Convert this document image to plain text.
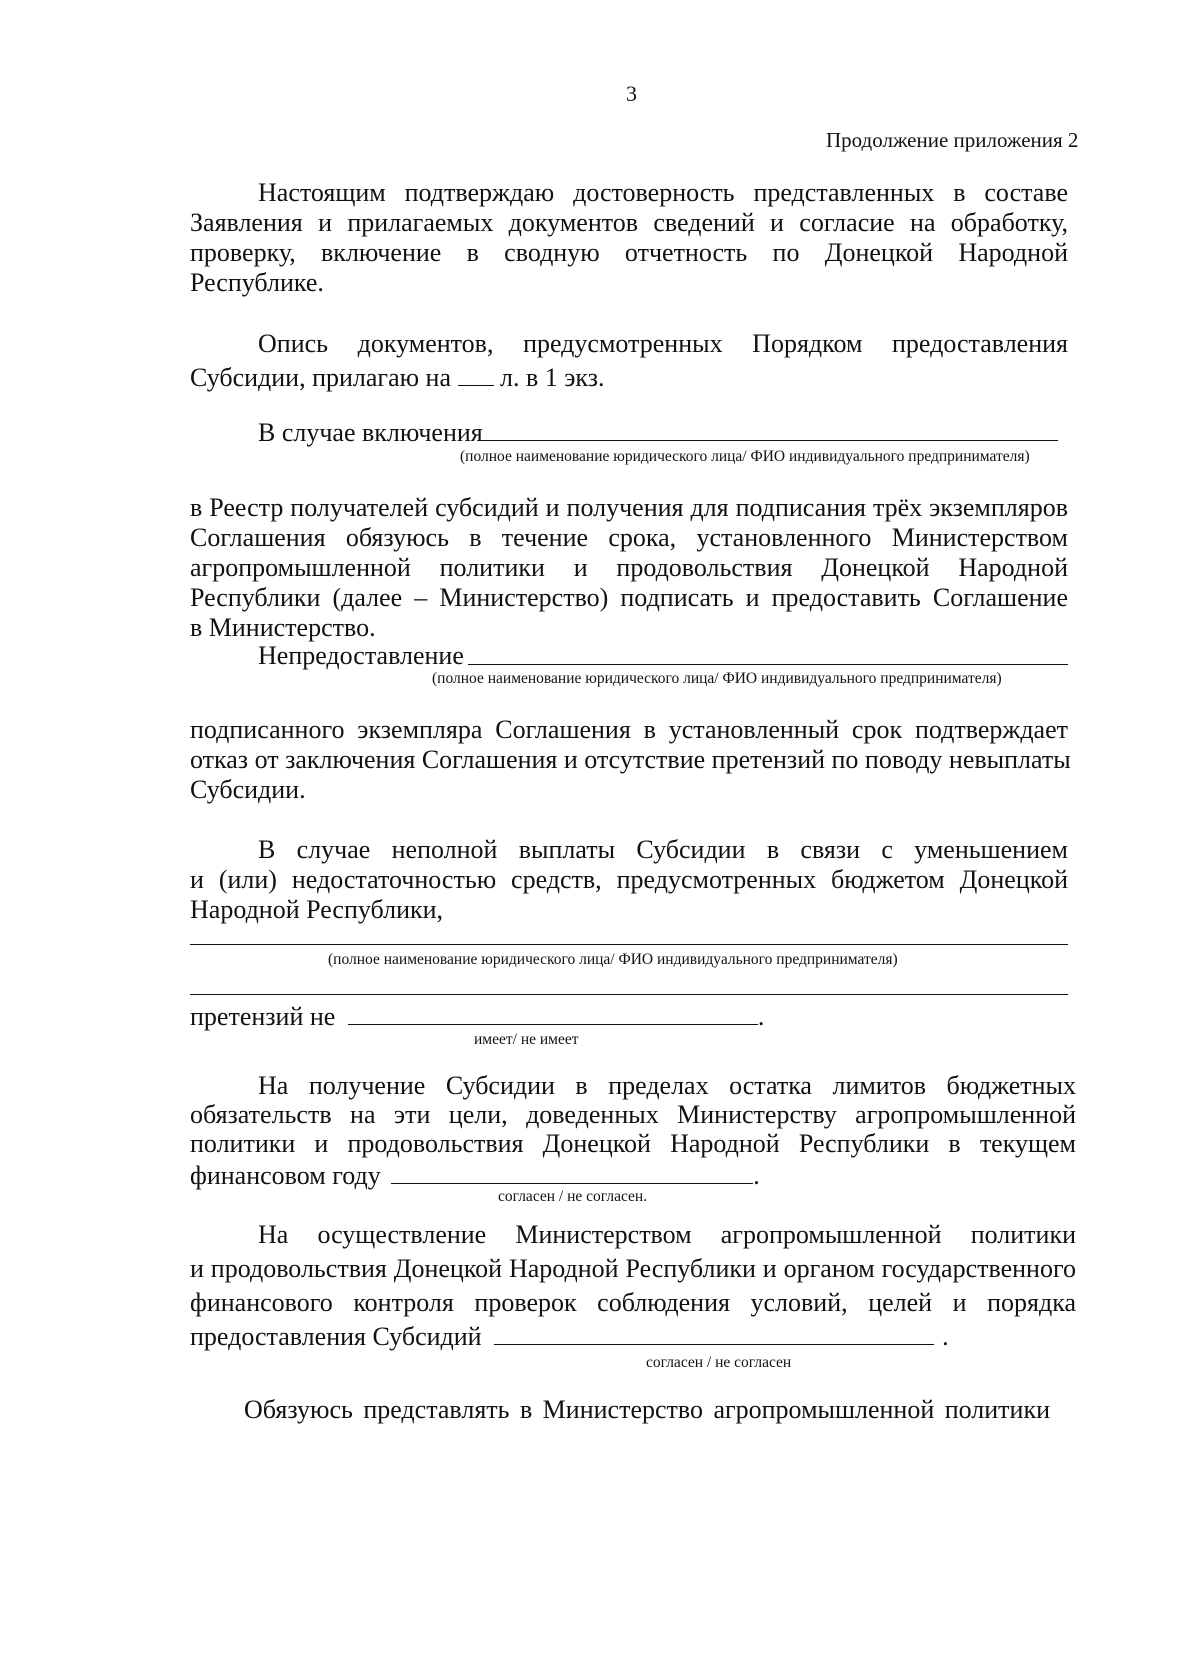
3
Продолжение приложения 2
Настоящим подтверждаю достоверность представленных в составе
Заявления и прилагаемых документов сведений и согласие на обработку,
проверку, включение в сводную отчетность по Донецкой Народной
Республике.
Опись документов, предусмотренных Порядком предоставления
Субсидии, прилагаю на л. в 1 экз.
В случае включения
(полное наименование юридического лица/ ФИО индивидуального предпринимателя)
в Реестр получателей субсидий и получения для подписания трёх экземпляров
Соглашения обязуюсь в течение срока, установленного Министерством
агропромышленной политики и продовольствия Донецкой Народной
Республики (далее – Министерство) подписать и предоставить Соглашение
в Министерство.
Непредоставление
(полное наименование юридического лица/ ФИО индивидуального предпринимателя)
подписанного экземпляра Соглашения в установленный срок подтверждает
отказ от заключения Соглашения и отсутствие претензий по поводу невыплаты
Субсидии.
В случае неполной выплаты Субсидии в связи с уменьшением
и (или) недостаточностью средств, предусмотренных бюджетом Донецкой
Народной Республики,
(полное наименование юридического лица/ ФИО индивидуального предпринимателя)
претензий не	.
имеет/ не имеет
На получение Субсидии в пределах остатка лимитов бюджетных
обязательств на эти цели, доведенных Министерству агропромышленной
политики и продовольствия Донецкой Народной Республики в текущем
финансовом году	.
согласен / не согласен.
На осуществление Министерством агропромышленной политики
и продовольствия Донецкой Народной Республики и органом государственного
финансового контроля проверок соблюдения условий, целей и порядка
предоставления Субсидий	.
согласен / не согласен
Обязуюсь представлять в Министерство агропромышленной политики
